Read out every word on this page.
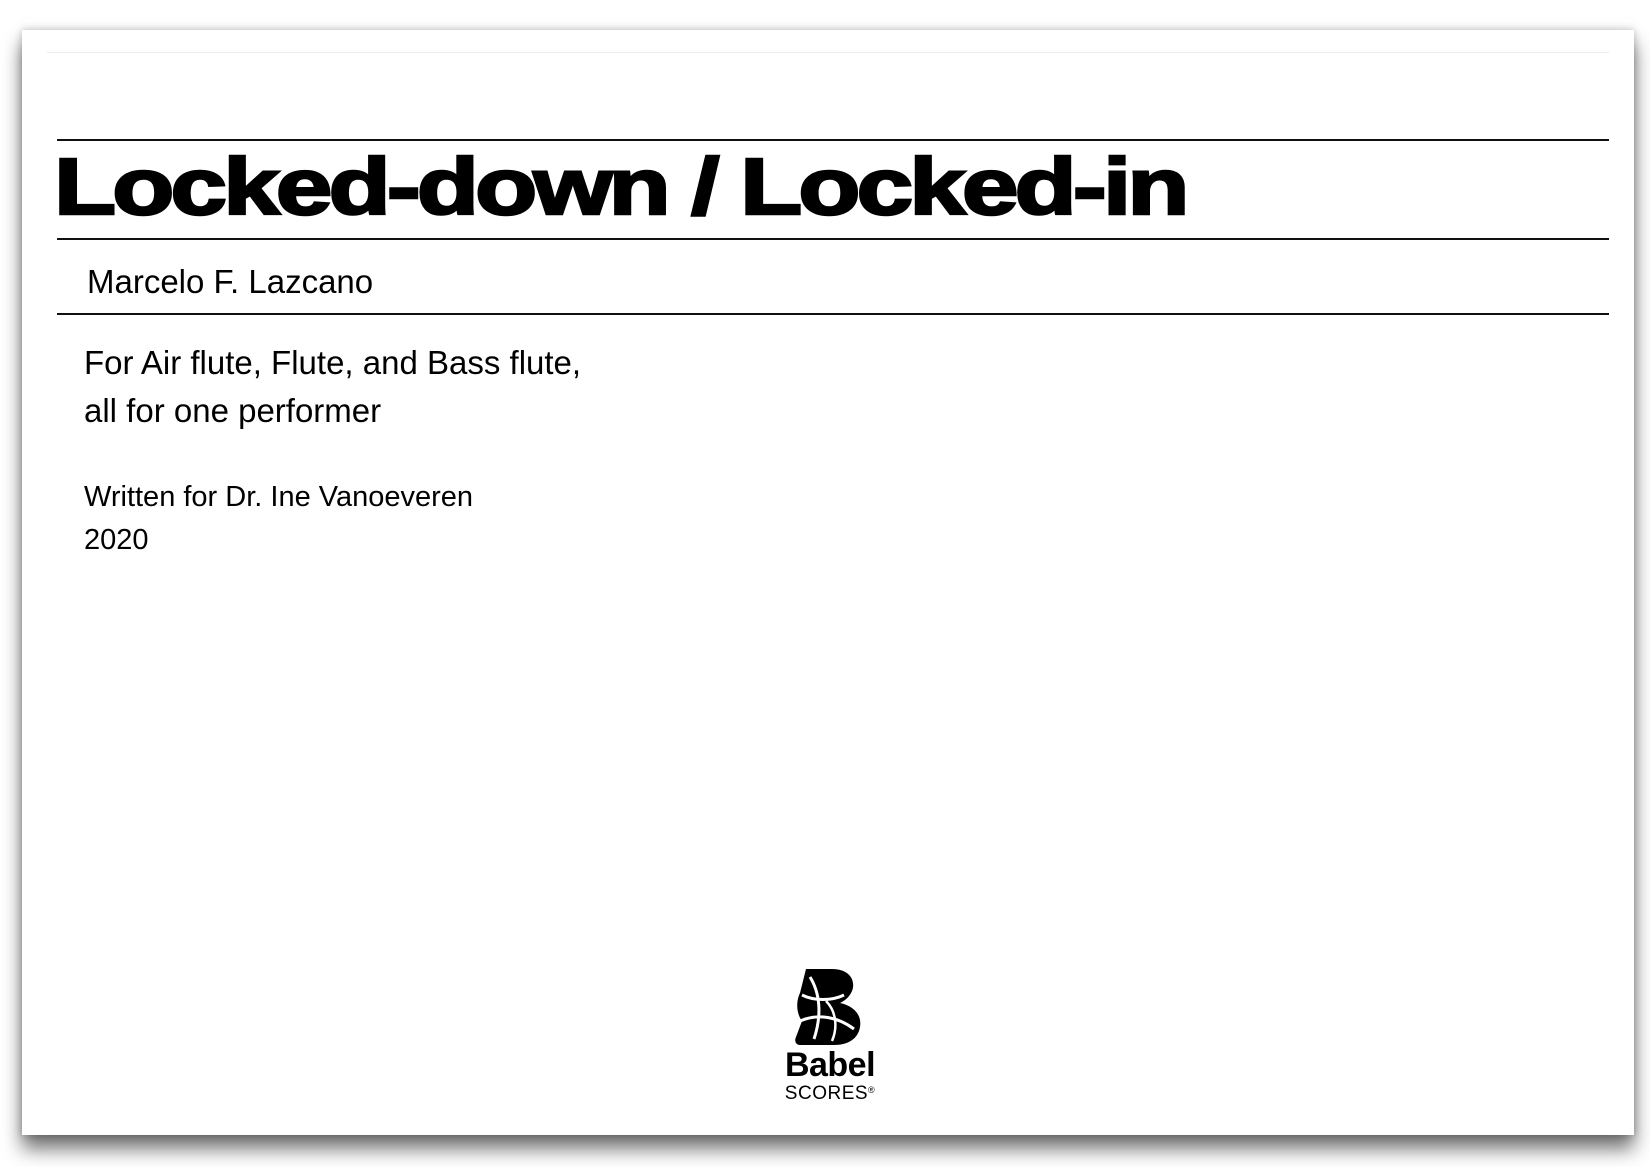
Locked-down / Locked-in
Marcelo F. Lazcano
For Air flute, Flute, and Bass flute,
all for one performer
Written for Dr. Ine Vanoeveren
2020
Babel
SCORES®
